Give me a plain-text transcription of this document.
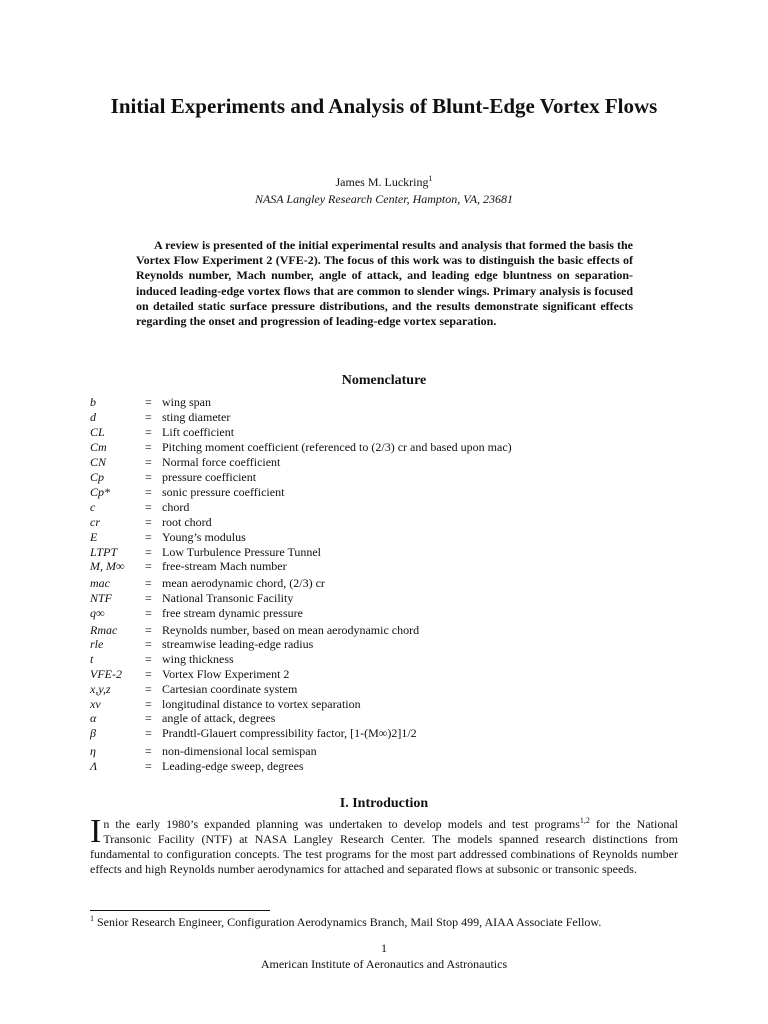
Initial Experiments and Analysis of Blunt-Edge Vortex Flows
James M. Luckring$^1$
NASA Langley Research Center, Hampton, VA, 23681

A review is presented of the initial experimental results and analysis that formed the basis the Vortex Flow Experiment 2 (VFE-2). The focus of this work was to distinguish the basic effects of Reynolds number, Mach number, angle of attack, and leading edge bluntness on separation-induced leading-edge vortex flows that are common to slender wings. Primary analysis is focused on detailed static surface pressure distributions, and the results demonstrate significant effects regarding the onset and progression of leading-edge vortex separation.

Nomenclature
b	= wing span
d	= sting diameter
CL	= Lift coefficient
Cm	= Pitching moment coefficient (referenced to (2/3) cr and based upon mac)
CN	= Normal force coefficient
Cp	= pressure coefficient
Cp*	= sonic pressure coefficient
c	= chord
cr	= root chord
E	= Young’s modulus
LTPT = Low Turbulence Pressure Tunnel
M, M∞ = free-stream Mach number
mac	= mean aerodynamic chord, (2/3) cr
NTF	= National Transonic Facility
q∞	= free stream dynamic pressure
Rmac = Reynolds number, based on mean aerodynamic chord
rle	= streamwise leading-edge radius
t	= wing thickness
VFE-2 = Vortex Flow Experiment 2
x,y,z	= Cartesian coordinate system
xv	= longitudinal distance to vortex separation
α	= angle of attack, degrees
β	= Prandtl-Glauert compressibility factor, [1-(M∞)2]1/2
η	= non-dimensional local semispan
Λ	= Leading-edge sweep, degrees
I. Introduction

In the early 1980’s expanded planning was undertaken to develop models and test programs$^{1,2}$ for the National Transonic Facility (NTF) at NASA Langley Research Center. The models spanned research distinctions from fundamental to configuration concepts. The test programs for the most part addressed combinations of Reynolds number effects and high Reynolds number aerodynamics for attached and separated flows at subsonic or transonic speeds.

$^1$ Senior Research Engineer, Configuration Aerodynamics Branch, Mail Stop 499, AIAA Associate Fellow.
1
American Institute of Aeronautics and Astronautics
